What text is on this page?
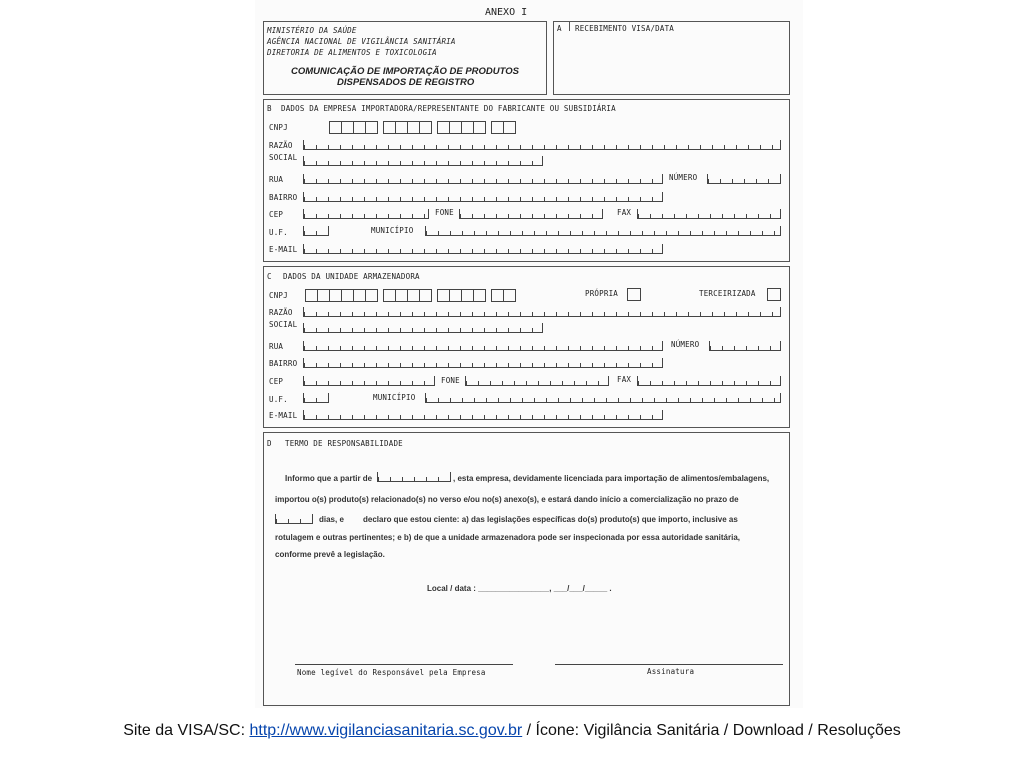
ANEXO I
MINISTÉRIO DA SAÚDE
AGÊNCIA NACIONAL DE VIGILÂNCIA SANITÁRIA
DIRETORIA DE ALIMENTOS E TOXICOLOGIA
COMUNICAÇÃO DE IMPORTAÇÃO DE PRODUTOS
DISPENSADOS DE REGISTRO
A RECEBIMENTO VISA/DATA
B DADOS DA EMPRESA IMPORTADORA/REPRESENTANTE DO FABRICANTE OU SUBSIDIÁRIA
CNPJ
RAZÃO
SOCIAL
RUA	NÚMERO
BAIRRO
CEP	FONE	FAX
U.F.	MUNICÍPIO
E-MAIL
C DADOS DA UNIDADE ARMAZENADORA
CNPJ	PRÓPRIA	TERCEIRIZADA
RAZÃO
SOCIAL
RUA	NÚMERO
BAIRRO
CEP	FONE	FAX
U.F.	MUNICÍPIO
E-MAIL
D TERMO DE RESPONSABILIDADE
Informo que a partir de	, esta empresa, devidamente licenciada para importação de alimentos/embalagens,
importou o(s) produto(s) relacionado(s) no verso e/ou no(s) anexo(s), e estará dando início a comercialização no prazo de
dias, e declaro que estou ciente: a) das legislações específicas do(s) produto(s) que importo, inclusive as
rotulagem e outras pertinentes; e b) de que a unidade armazenadora pode ser inspecionada por essa autoridade sanitária,
conforme prevê a legislação.
Local / data : ________________, ___/___/_____ .
Nome legível do Responsável pela Empresa	Assinatura
Site da VISA/SC: http://www.vigilanciasanitaria.sc.gov.br / Ícone: Vigilância Sanitária / Download / Resoluções
